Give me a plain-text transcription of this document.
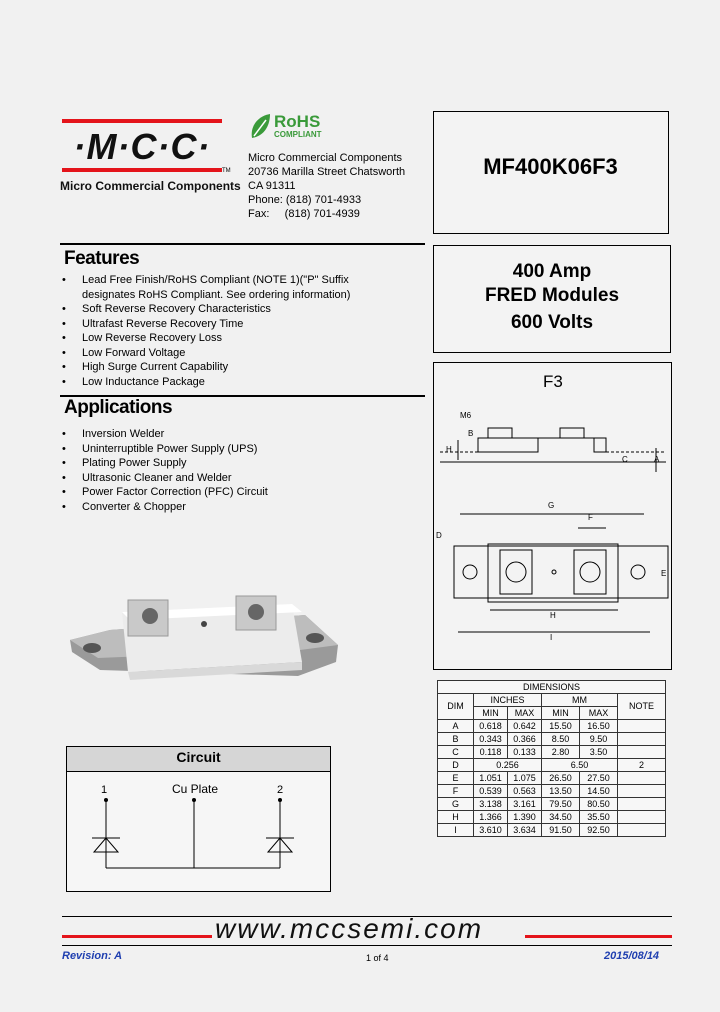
·M·C·C·
TM
Micro Commercial Components
RoHS
COMPLIANT
Micro Commercial Components
20736 Marilla Street Chatsworth
CA 91311
Phone: (818) 701-4933
Fax:     (818) 701-4939
MF400K06F3
400 Amp
FRED Modules
600 Volts
Features
• Lead Free Finish/RoHS Compliant (NOTE 1)("P" Suffix
designates RoHS Compliant. See ordering information)
• Soft Reverse Recovery Characteristics
• Ultrafast Reverse Recovery Time
• Low Reverse Recovery Loss
• Low Forward Voltage
• High Surge Current Capability
• Low Inductance Package
Applications
• Inversion Welder
• Uninterruptible Power Supply (UPS)
• Plating Power Supply
• Ultrasonic Cleaner and Welder
• Power Factor Correction (PFC) Circuit
• Converter & Chopper
F3
M6
B
H
C	A
G
F
D
E
H
I
DIMENSIONS					
DIM	INCHES		MM		NOTE
	MIN	MAX	MIN	MAX	
A	0.618	0.642	15.50	16.50	
B	0.343	0.366	8.50	9.50	
C	0.118	0.133	2.80	3.50	
D	0.256		6.50		2
E	1.051	1.075	26.50	27.50	
F	0.539	0.563	13.50	14.50	
G	3.138	3.161	79.50	80.50	
H	1.366	1.390	34.50	35.50	
I	3.610	3.634	91.50	92.50	
Circuit
1	Cu Plate	2
www.mccsemi.com
Revision: A	1 of 4	2015/08/14
